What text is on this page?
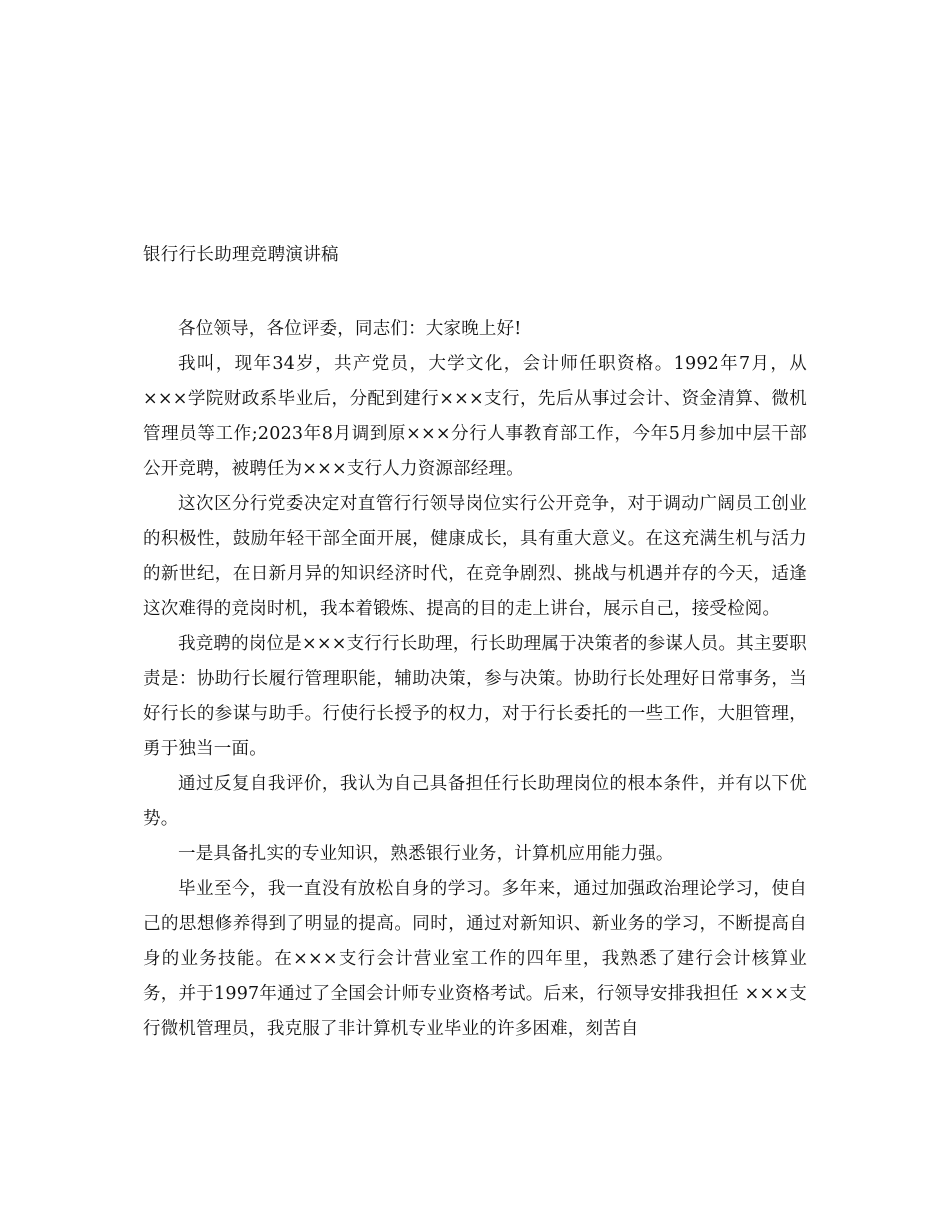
银行行长助理竞聘演讲稿

各位领导，各位评委，同志们：大家晚上好!

我叫，现年34岁，共产党员，大学文化，会计师任职资格。1992年7月，从×××学院财政系毕业后，分配到建行×××支行，先后从事过会计、资金清算、微机管理员等工作;2023年8月调到原×××分行人事教育部工作，今年5月参加中层干部公开竞聘，被聘任为×××支行人力资源部经理。

这次区分行党委决定对直管行行领导岗位实行公开竞争，对于调动广阔员工创业的积极性，鼓励年轻干部全面开展，健康成长，具有重大意义。在这充满生机与活力的新世纪，在日新月异的知识经济时代，在竞争剧烈、挑战与机遇并存的今天，适逢这次难得的竞岗时机，我本着锻炼、提高的目的走上讲台，展示自己，接受检阅。

我竞聘的岗位是×××支行行长助理，行长助理属于决策者的参谋人员。其主要职责是：协助行长履行管理职能，辅助决策，参与决策。协助行长处理好日常事务，当好行长的参谋与助手。行使行长授予的权力，对于行长委托的一些工作，大胆管理，勇于独当一面。

通过反复自我评价，我认为自己具备担任行长助理岗位的根本条件，并有以下优势。

一是具备扎实的专业知识，熟悉银行业务，计算机应用能力强。

毕业至今，我一直没有放松自身的学习。多年来，通过加强政治理论学习，使自己的思想修养得到了明显的提高。同时，通过对新知识、新业务的学习，不断提高自身的业务技能。在×××支行会计营业室工作的四年里，我熟悉了建行会计核算业务，并于1997年通过了全国会计师专业资格考试。后来，行领导安排我担任 ×××支行微机管理员，我克服了非计算机专业毕业的许多困难，刻苦自
